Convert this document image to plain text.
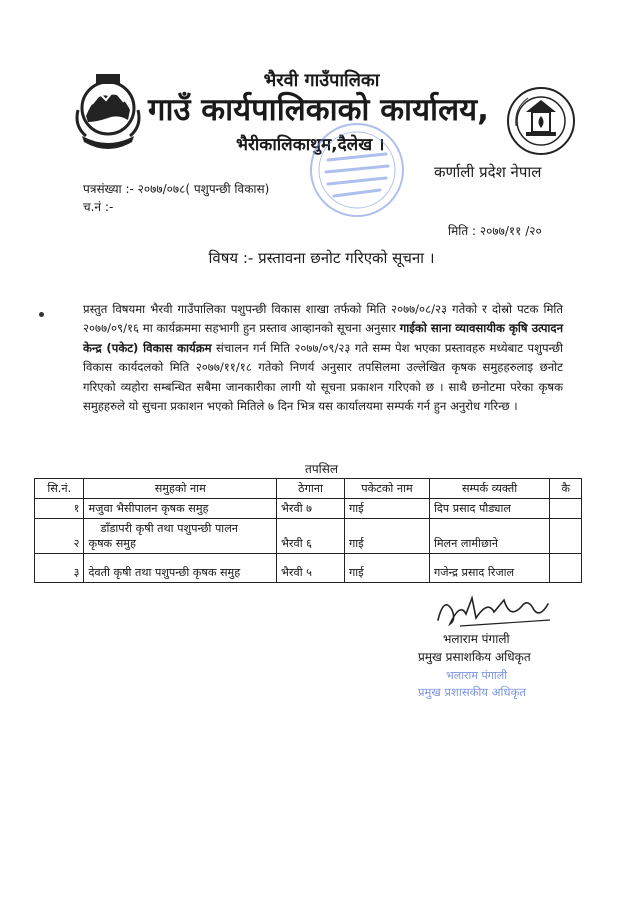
भैरवी गाउँपालिका
गाउँ कार्यपालिकाको कार्यालय,
भैरीकालिकाथुम,दैलेख ।
कर्णाली प्रदेश नेपाल
पत्रसंख्या :- २०७७/०७८( पशुपन्छी विकास)
च.नं :-
मिति : २०७७/११ /२०
विषय :- प्रस्तावना छनोट गरिएको सूचना ।
प्रस्तुत विषयमा भैरवी गाउँपालिका पशुपन्छी विकास शाखा तर्फको मिति २०७७/०८/२३ गतेको र दोस्रो पटक मिति २०७७/०९/१६ मा कार्यक्रममा सहभागी हुन प्रस्ताव आव्हानको सूचना अनुसार गाईको साना व्यावसायीक कृषि उत्पादन केन्द्र (पकेट) विकास कार्यक्रम संचालन गर्न मिति २०७७/०९/२३ गते सम्म पेश भएका प्रस्तावहरु मध्येबाट पशुपन्छी विकास कार्यदलको मिति २०७७/११/१८ गतेको निणर्य अनुसार तपसिलमा उल्लेखित कृषक समुहहरुलाइ छनोट गरिएको व्यहोरा सम्बन्धित सबैमा जानकारीका लागी यो सूचना प्रकाशन गरिएको छ । साथै छनोटमा परेका कृषक समुहहरुले यो सुचना प्रकाशन भएको मितिले ७ दिन भित्र यस कार्यालयमा सम्पर्क गर्न हुन अनुरोध गरिन्छ ।
तपसिल
सि.नं.	समुहको नाम	ठेगाना	पकेटको नाम	सम्पर्क व्यक्ती	कै
१	मजुवा भैसीपालन कृषक समुह	भैरवी ७	गाई	दिप प्रसाद पौड्याल	
२	डाँडापरी कृषी तथा पशुपन्छी पालन
कृषक समुह	भैरवी ६	गाई	मिलन लामीछाने	
३	देवती कृषी तथा पशुपन्छी कृषक समुह	भैरवी ५	गाई	गजेन्द्र प्रसाद रिजाल	
भलाराम पंगाली
प्रमुख प्रसाशकिय अधिकृत
भलाराम पंगाली
प्रमुख प्रशासकीय अधिकृत
